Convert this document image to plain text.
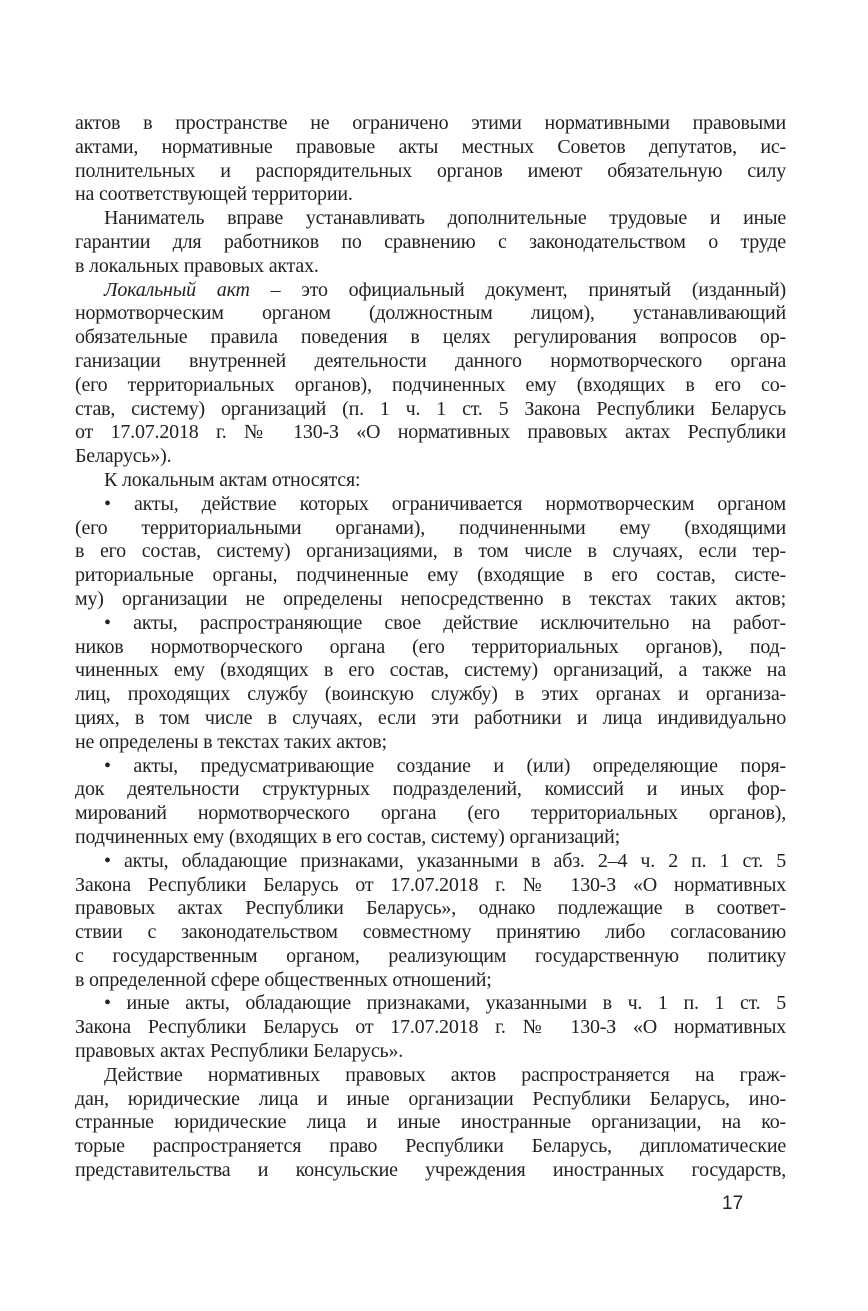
актов в пространстве не ограничено этими нормативными правовыми
актами, нормативные правовые акты местных Советов депутатов, ис-
полнительных и распорядительных органов имеют обязательную силу
на соответствующей территории.
Наниматель вправе устанавливать дополнительные трудовые и иные
гарантии для работников по сравнению с законодательством о труде
в локальных правовых актах.
Локальный акт – это официальный документ, принятый (изданный)
нормотворческим органом (должностным лицом), устанавливающий
обязательные правила поведения в целях регулирования вопросов ор-
ганизации внутренней деятельности данного нормотворческого органа
(его территориальных органов), подчиненных ему (входящих в его со-
став, систему) организаций (п. 1 ч. 1 ст. 5 Закона Республики Беларусь
от 17.07.2018 г. № 130-З «О нормативных правовых актах Республики
Беларусь»).
К локальным актам относятся:
• акты, действие которых ограничивается нормотворческим органом
(его территориальными органами), подчиненными ему (входящими
в его состав, систему) организациями, в том числе в случаях, если тер-
риториальные органы, подчиненные ему (входящие в его состав, систе-
му) организации не определены непосредственно в текстах таких актов;
• акты, распространяющие свое действие исключительно на работ-
ников нормотворческого органа (его территориальных органов), под-
чиненных ему (входящих в его состав, систему) организаций, а также на
лиц, проходящих службу (воинскую службу) в этих органах и организа-
циях, в том числе в случаях, если эти работники и лица индивидуально
не определены в текстах таких актов;
• акты, предусматривающие создание и (или) определяющие поря-
док деятельности структурных подразделений, комиссий и иных фор-
мирований нормотворческого органа (его территориальных органов),
подчиненных ему (входящих в его состав, систему) организаций;
• акты, обладающие признаками, указанными в абз. 2–4 ч. 2 п. 1 ст. 5
Закона Республики Беларусь от 17.07.2018 г. № 130-З «О нормативных
правовых актах Республики Беларусь», однако подлежащие в соответ-
ствии с законодательством совместному принятию либо согласованию
с государственным органом, реализующим государственную политику
в определенной сфере общественных отношений;
• иные акты, обладающие признаками, указанными в ч. 1 п. 1 ст. 5
Закона Республики Беларусь от 17.07.2018 г. № 130-З «О нормативных
правовых актах Республики Беларусь».
Действие нормативных правовых актов распространяется на граж-
дан, юридические лица и иные организации Республики Беларусь, ино-
странные юридические лица и иные иностранные организации, на ко-
торые распространяется право Республики Беларусь, дипломатические
представительства и консульские учреждения иностранных государств,
17
